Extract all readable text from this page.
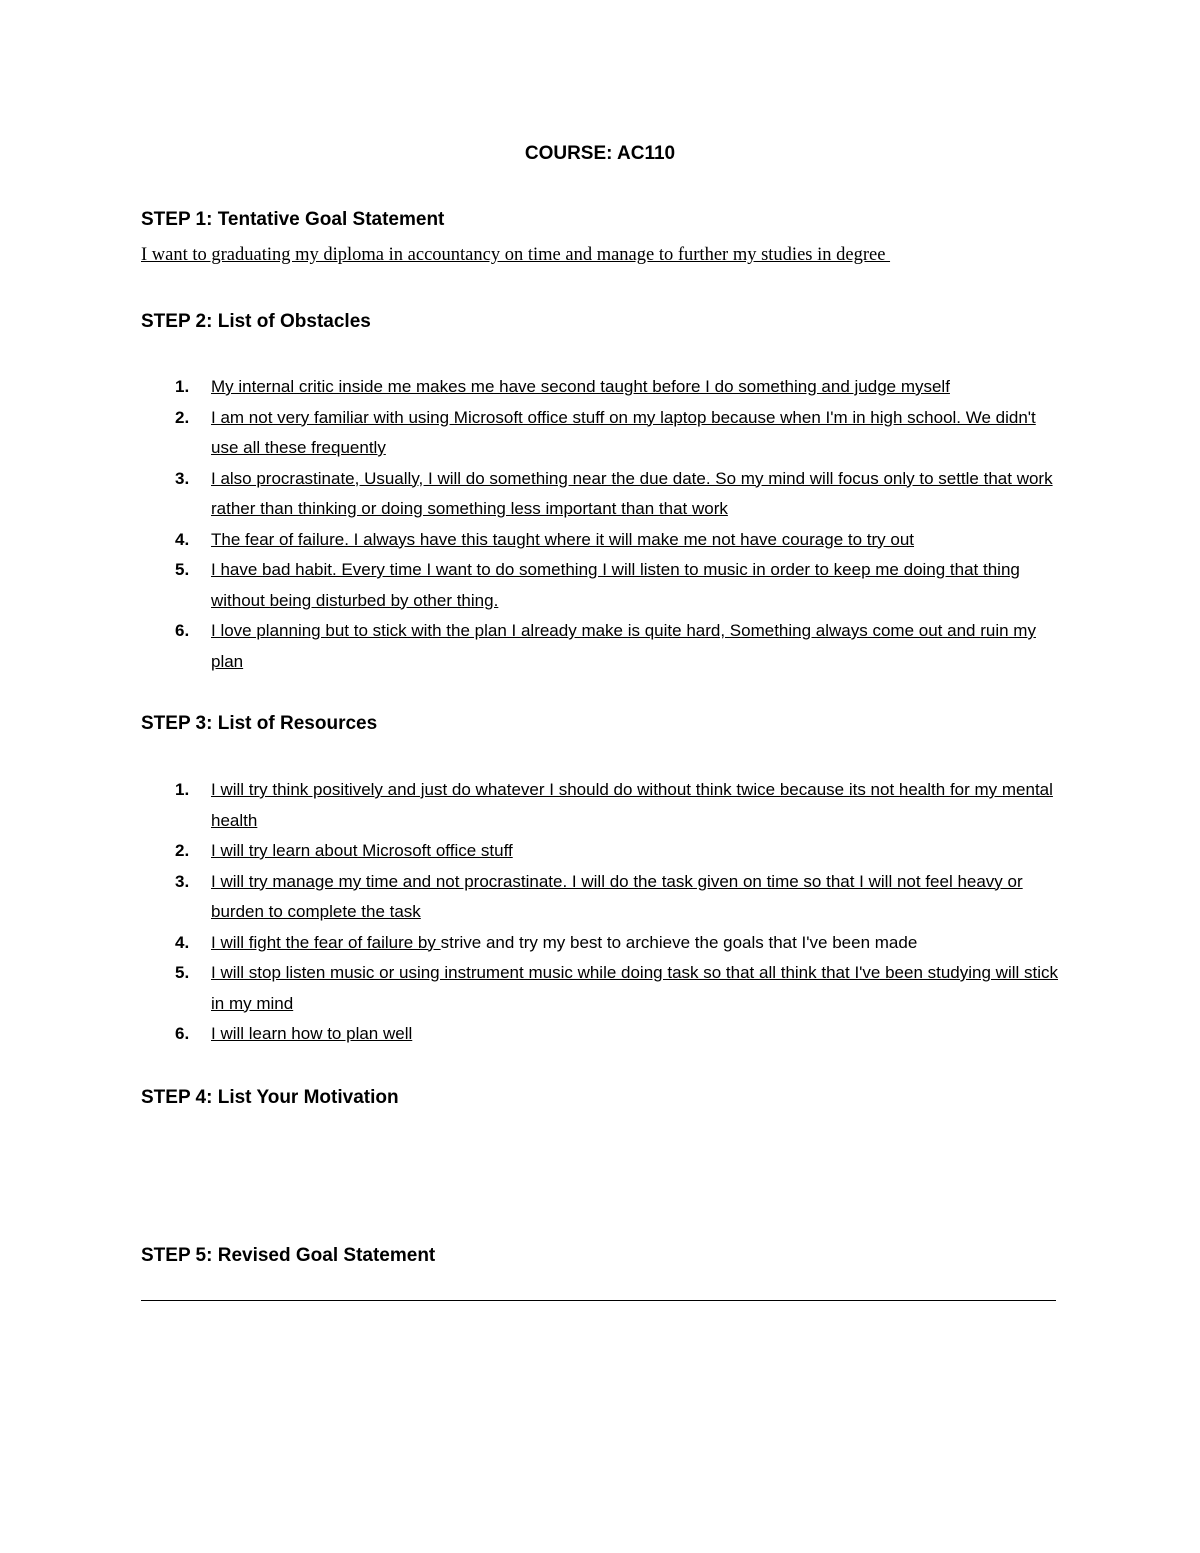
COURSE: AC110
STEP 1: Tentative Goal Statement
I want to graduating my diploma in accountancy on time and manage to further my studies in degree
STEP 2: List of Obstacles
1. My internal critic inside me makes me have second taught before I do something and judge myself
2. I am not very familiar with using Microsoft office stuff on my laptop because when I'm in high school. We didn't use all these frequently
3. I also procrastinate, Usually, I will do something near the due date. So my mind will focus only to settle that work rather than thinking or doing something less important than that work
4. The fear of failure. I always have this taught where it will make me not have courage to try out
5. I have bad habit. Every time I want to do something I will listen to music in order to keep me doing that thing without being disturbed by other thing.
6. I love planning but to stick with the plan I already make is quite hard, Something always come out and ruin my plan
STEP 3: List of Resources
1. I will try think positively and just do whatever I should do without think twice because its not health for my mental health
2. I will try learn about Microsoft office stuff
3. I will try manage my time and not procrastinate. I will do the task given on time so that I will not feel heavy or burden to complete the task
4. I will fight the fear of failure by strive and try my best to archieve the goals that I've been made
5. I will stop listen music or using instrument music while doing task so that all think that I've been studying will stick in my mind
6. I will learn how to plan well
STEP 4: List Your Motivation
STEP 5: Revised Goal Statement
